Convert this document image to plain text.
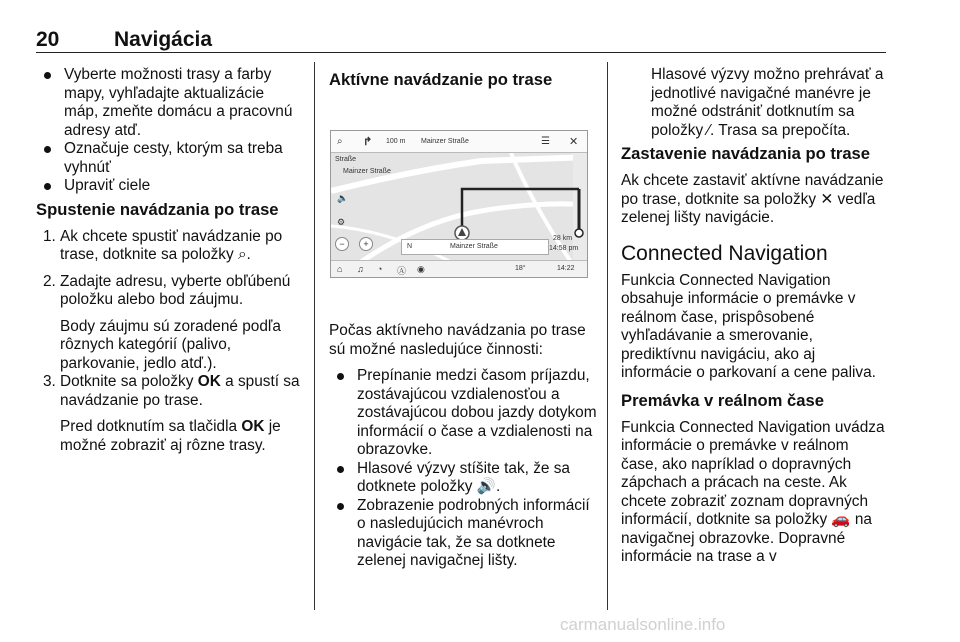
20	Navigácia

Vyberte možnosti trasy a farby mapy, vyhľadajte aktualizácie máp, zmeňte domácu a pracovnú adresy atď.

Označuje cesty, ktorým sa treba vyhnúť

Upraviť ciele

Spustenie navádzania po trase
1. Ak chcete spustiť navádzanie po trase, dotknite sa položky ⌕.
2. Zadajte adresu, vyberte obľúbenú položku alebo bod záujmu.

Body záujmu sú zoradené podľa rôznych kategórií (palivo, parkovanie, jedlo atď.).

3. Dotknite sa položky OK a spustí sa navádzanie po trase.

Pred dotknutím sa tlačidla OK je možné zobraziť aj rôzne trasy.

Aktívne navádzanie po trase
⌕ ↱ 100 m Mainzer Straße	☰ ✕
Straße
Mainzer Straße
🔈
⚙
−	+	N	Mainzer Straße
28 km
14:58 pm
⌂ ♫ ◔ Ⓐ ◉	18°	14:22

Počas aktívneho navádzania po trase sú možné nasledujúce činnosti:

Prepínanie medzi časom príjazdu, zostávajúcou vzdialenosťou a zostávajúcou dobou jazdy dotykom informácií o čase a vzdialenosti na obrazovke.

Hlasové výzvy stíšite tak, že sa dotknete položky 🔊.

Zobrazenie podrobných informácií o nasledujúcich manévroch navigácie tak, že sa dotknete zelenej navigačnej lišty.

Hlasové výzvy možno prehrávať a jednotlivé navigačné manévre je možné odstrániť dotknutím sa položky ⁄. Trasa sa prepočíta.

Zastavenie navádzania po trase

Ak chcete zastaviť aktívne navádzanie po trase, dotknite sa položky ✕ vedľa zelenej lišty navigácie.

Connected Navigation

Funkcia Connected Navigation obsahuje informácie o premávke v reálnom čase, prispôsobené vyhľadávanie a smerovanie, prediktívnu navigáciu, ako aj informácie o parkovaní a cene paliva.

Premávka v reálnom čase

Funkcia Connected Navigation uvádza informácie o premávke v reálnom čase, ako napríklad o dopravných zápchach a prácach na ceste. Ak chcete zobraziť zoznam dopravných informácií, dotknite sa položky 🚗 na navigačnej obrazovke. Dopravné informácie na trase a v

carmanualsonline.info
